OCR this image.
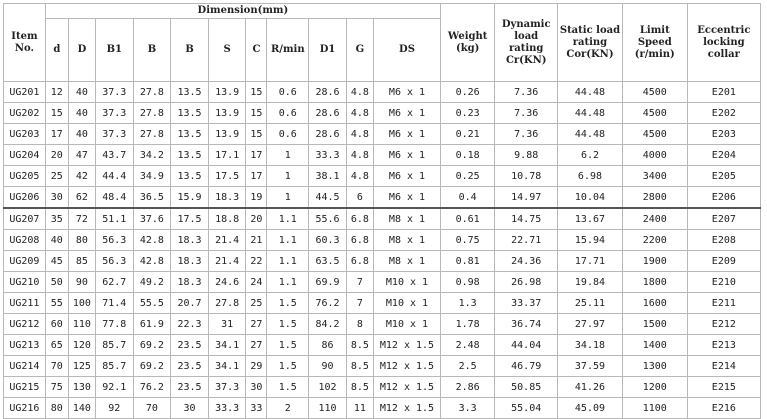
Item No.	Dimension(mm)											Weight (kg)	Dynamic load rating Cr(KN)	Static load rating Cor(KN)	Limit Speed (r/min)	Eccentric locking collar
	d	D	B1	B	B	S	C	R/min	D1	G	DS					
UG201	12	40	37.3	27.8	13.5	13.9	15	0.6	28.6	4.8	M6 x 1	0.26	7.36	44.48	4500	E201
UG202	15	40	37.3	27.8	13.5	13.9	15	0.6	28.6	4.8	M6 x 1	0.23	7.36	44.48	4500	E202
UG203	17	40	37.3	27.8	13.5	13.9	15	0.6	28.6	4.8	M6 x 1	0.21	7.36	44.48	4500	E203
UG204	20	47	43.7	34.2	13.5	17.1	17	1	33.3	4.8	M6 x 1	0.18	9.88	6.2	4000	E204
UG205	25	42	44.4	34.9	13.5	17.5	17	1	38.1	4.8	M6 x 1	0.25	10.78	6.98	3400	E205
UG206	30	62	48.4	36.5	15.9	18.3	19	1	44.5	6	M6 x 1	0.4	14.97	10.04	2800	E206
UG207	35	72	51.1	37.6	17.5	18.8	20	1.1	55.6	6.8	M8 x 1	0.61	14.75	13.67	2400	E207
UG208	40	80	56.3	42.8	18.3	21.4	21	1.1	60.3	6.8	M8 x 1	0.75	22.71	15.94	2200	E208
UG209	45	85	56.3	42.8	18.3	21.4	22	1.1	63.5	6.8	M8 x 1	0.81	24.36	17.71	1900	E209
UG210	50	90	62.7	49.2	18.3	24.6	24	1.1	69.9	7	M10 x 1	0.98	26.98	19.84	1800	E210
UG211	55	100	71.4	55.5	20.7	27.8	25	1.5	76.2	7	M10 x 1	1.3	33.37	25.11	1600	E211
UG212	60	110	77.8	61.9	22.3	31	27	1.5	84.2	8	M10 x 1	1.78	36.74	27.97	1500	E212
UG213	65	120	85.7	69.2	23.5	34.1	27	1.5	86	8.5	M12 x 1.5	2.48	44.04	34.18	1400	E213
UG214	70	125	85.7	69.2	23.5	34.1	29	1.5	90	8.5	M12 x 1.5	2.5	46.79	37.59	1300	E214
UG215	75	130	92.1	76.2	23.5	37.3	30	1.5	102	8.5	M12 x 1.5	2.86	50.85	41.26	1200	E215
UG216	80	140	92	70	30	33.3	33	2	110	11	M12 x 1.5	3.3	55.04	45.09	1100	E216
